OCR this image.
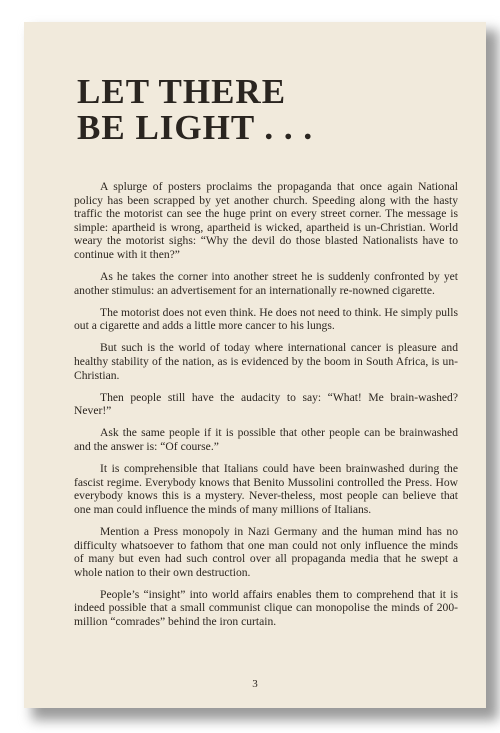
LET THERE
BE LIGHT . . .

A splurge of posters proclaims the propaganda that once again National policy has been scrapped by yet another church. Speeding along with the hasty traffic the motorist can see the huge print on every street corner. The message is simple: apartheid is wrong, apartheid is wicked, apartheid is un-Christian. World weary the motorist sighs: “Why the devil do those blasted Nationalists have to continue with it then?”

As he takes the corner into another street he is suddenly confronted by yet another stimulus: an advertisement for an internationally re-nowned cigarette.

The motorist does not even think. He does not need to think. He simply pulls out a cigarette and adds a little more cancer to his lungs.

But such is the world of today where international cancer is pleasure and healthy stability of the nation, as is evidenced by the boom in South Africa, is un-Christian.

Then people still have the audacity to say: “What! Me brain-washed? Never!”

Ask the same people if it is possible that other people can be brainwashed and the answer is: “Of course.”

It is comprehensible that Italians could have been brainwashed during the fascist regime. Everybody knows that Benito Mussolini controlled the Press. How everybody knows this is a mystery. Never-theless, most people can believe that one man could influence the minds of many millions of Italians.

Mention a Press monopoly in Nazi Germany and the human mind has no difficulty whatsoever to fathom that one man could not only influence the minds of many but even had such control over all propaganda media that he swept a whole nation to their own destruction.

People’s “insight” into world affairs enables them to comprehend that it is indeed possible that a small communist clique can monopolise the minds of 200-million “comrades” behind the iron curtain.

3
